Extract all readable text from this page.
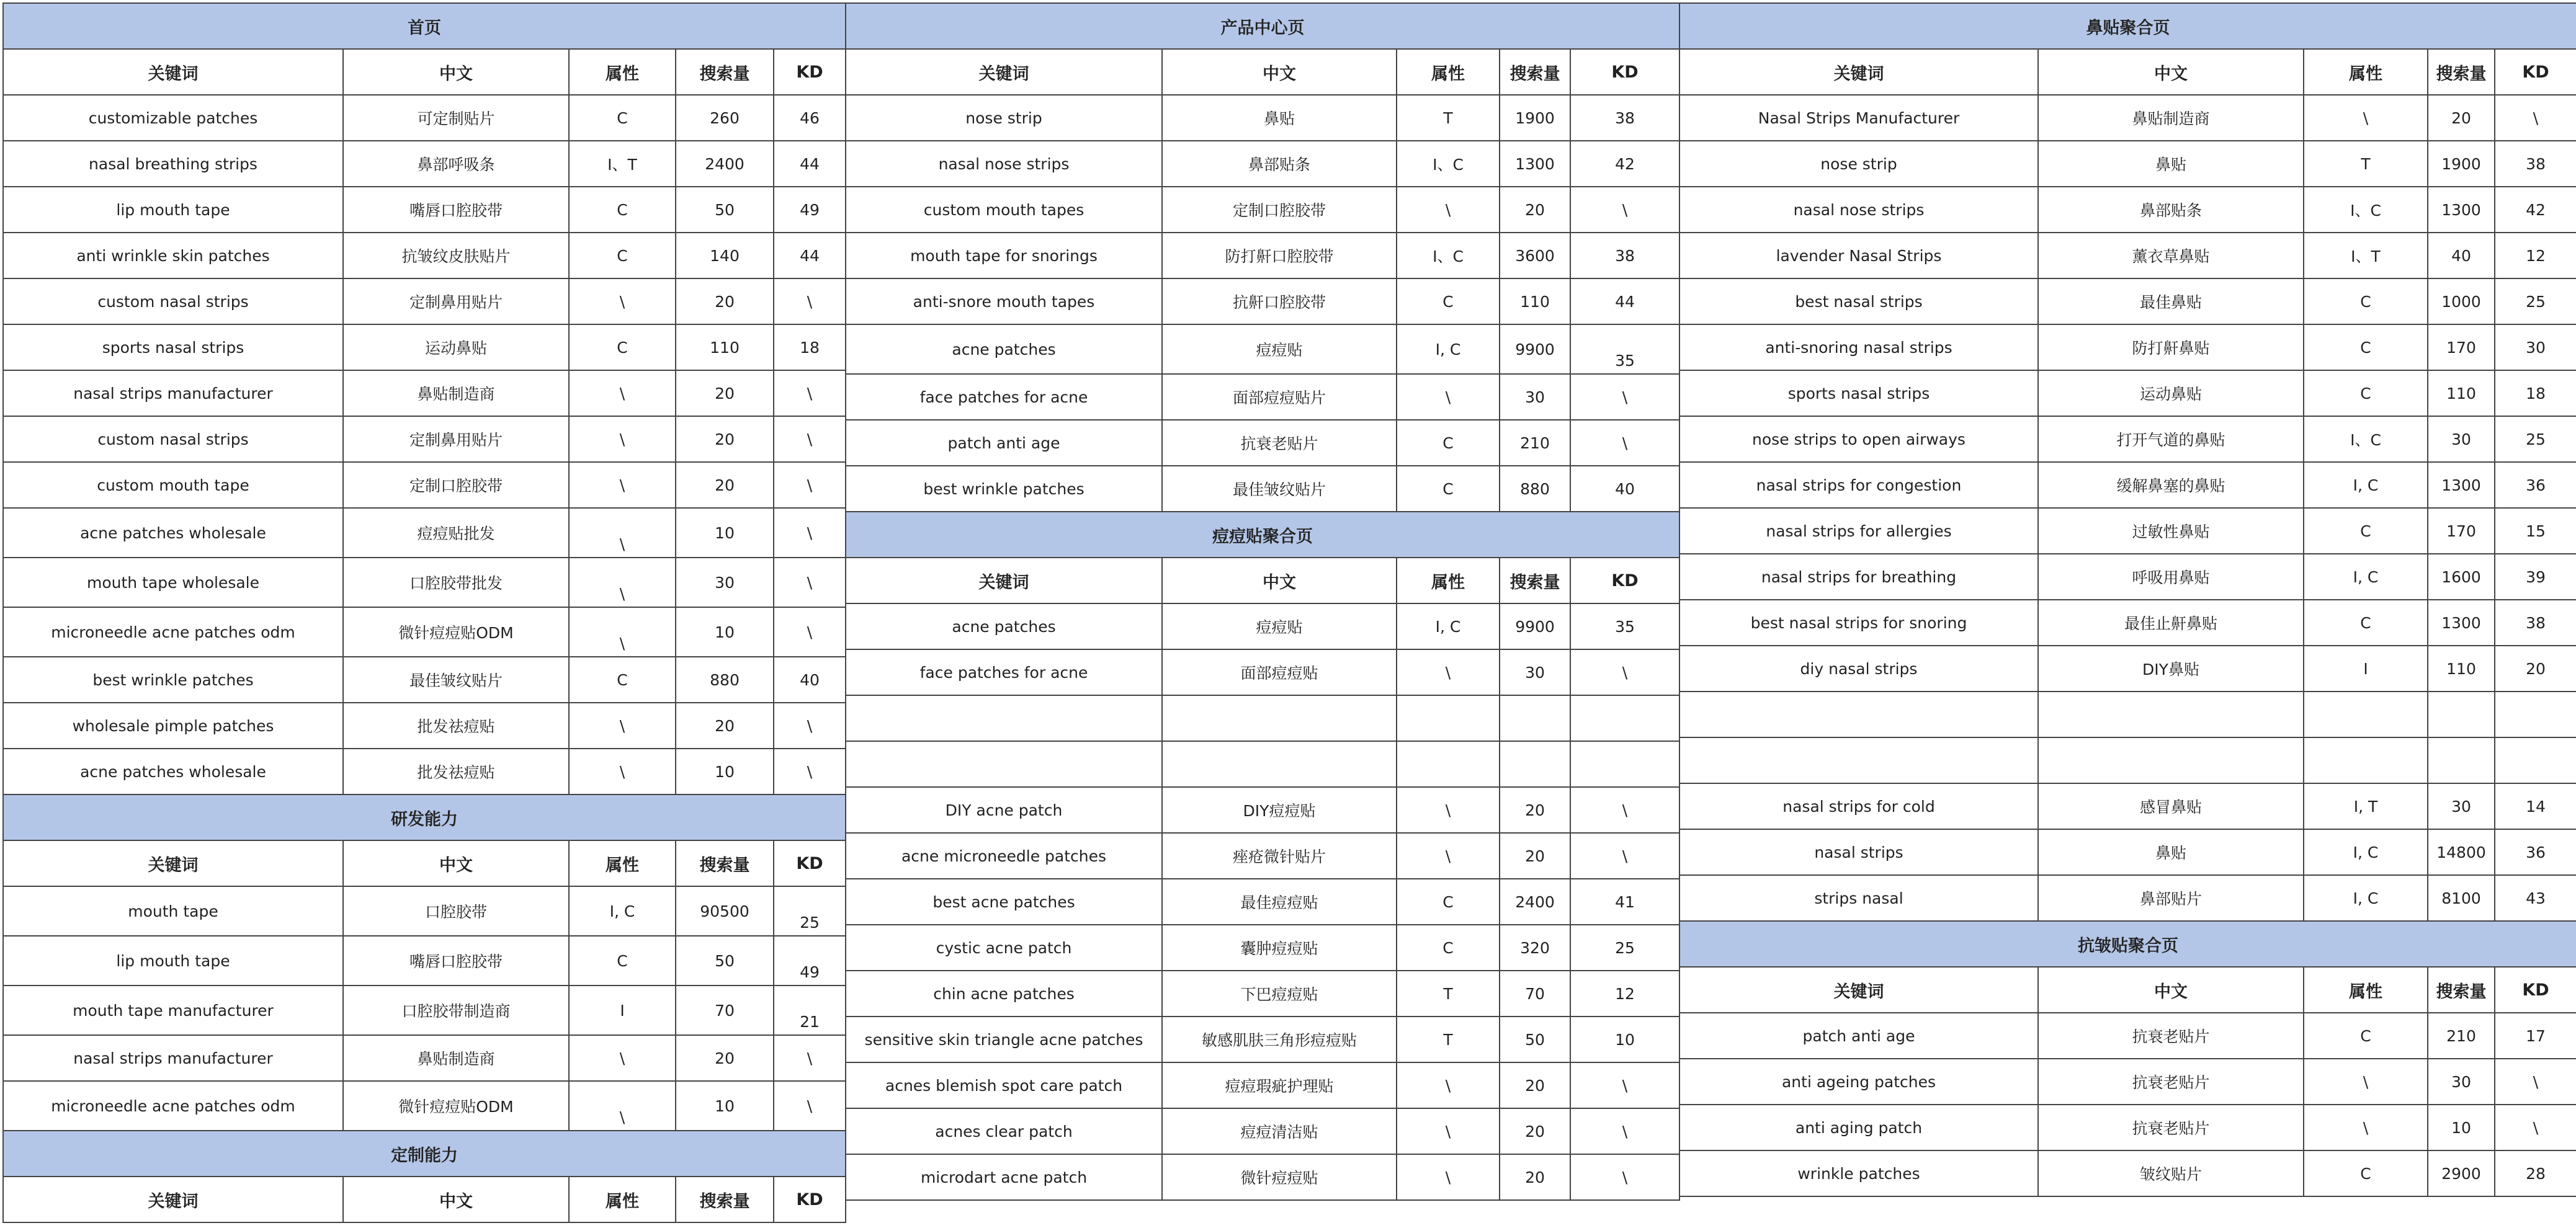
首页				
关键词	中文	属性	搜索量	KD
customizable patches	可定制贴片	C	260	46
nasal breathing strips	鼻部呼吸条	I、T	2400	44
lip mouth tape	嘴唇口腔胶带	C	50	49
anti wrinkle skin patches	抗皱纹皮肤贴片	C	140	44
custom nasal strips	定制鼻用贴片	\	20	\
sports nasal strips	运动鼻贴	C	110	18
nasal strips manufacturer	鼻贴制造商	\	20	\
custom nasal strips	定制鼻用贴片	\	20	\
custom mouth tape	定制口腔胶带	\	20	\
acne patches wholesale	痘痘贴批发	\	10	\
mouth tape wholesale	口腔胶带批发	\	30	\
microneedle acne patches odm	微针痘痘贴ODM	\	10	\
best wrinkle patches	最佳皱纹贴片	C	880	40
wholesale pimple patches	批发祛痘贴	\	20	\
acne patches wholesale	批发祛痘贴	\	10	\
研发能力				
关键词	中文	属性	搜索量	KD
mouth tape	口腔胶带	I, C	90500	25
lip mouth tape	嘴唇口腔胶带	C	50	49
mouth tape manufacturer	口腔胶带制造商	I	70	21
nasal strips manufacturer	鼻贴制造商	\	20	\
microneedle acne patches odm	微针痘痘贴ODM	\	10	\
定制能力				
关键词	中文	属性	搜索量	KD
产品中心页				
关键词	中文	属性	搜索量	KD
nose strip	鼻贴	T	1900	38
nasal nose strips	鼻部贴条	I、C	1300	42
custom mouth tapes	定制口腔胶带	\	20	\
mouth tape for snorings	防打鼾口腔胶带	I、C	3600	38
anti-snore mouth tapes	抗鼾口腔胶带	C	110	44
acne patches	痘痘贴	I, C	9900	35
face patches for acne	面部痘痘贴片	\	30	\
patch anti age	抗衰老贴片	C	210	\
best wrinkle patches	最佳皱纹贴片	C	880	40
痘痘贴聚合页				
关键词	中文	属性	搜索量	KD
acne patches	痘痘贴	I, C	9900	35
face patches for acne	面部痘痘贴	\	30	\

DIY acne patch	DIY痘痘贴	\	20	\
acne microneedle patches	痤疮微针贴片	\	20	\
best acne patches	最佳痘痘贴	C	2400	41
cystic acne patch	囊肿痘痘贴	C	320	25
chin acne patches	下巴痘痘贴	T	70	12
sensitive skin triangle acne patches	敏感肌肤三角形痘痘贴	T	50	10
acnes blemish spot care patch	痘痘瑕疵护理贴	\	20	\
acnes clear patch	痘痘清洁贴	\	20	\
microdart acne patch	微针痘痘贴	\	20	\
鼻贴聚合页				
关键词	中文	属性	搜索量	KD
Nasal Strips Manufacturer	鼻贴制造商	\	20	\
nose strip	鼻贴	T	1900	38
nasal nose strips	鼻部贴条	I、C	1300	42
lavender Nasal Strips	薰衣草鼻贴	I、T	40	12
best nasal strips	最佳鼻贴	C	1000	25
anti-snoring nasal strips	防打鼾鼻贴	C	170	30
sports nasal strips	运动鼻贴	C	110	18
nose strips to open airways	打开气道的鼻贴	I、C	30	25
nasal strips for congestion	缓解鼻塞的鼻贴	I, C	1300	36
nasal strips for allergies	过敏性鼻贴	C	170	15
nasal strips for breathing	呼吸用鼻贴	I, C	1600	39
best nasal strips for snoring	最佳止鼾鼻贴	C	1300	38
diy nasal strips	DIY鼻贴	I	110	20

nasal strips for cold	感冒鼻贴	I, T	30	14
nasal strips	鼻贴	I, C	14800	36
strips nasal	鼻部贴片	I, C	8100	43
抗皱贴聚合页				
关键词	中文	属性	搜索量	KD
patch anti age	抗衰老贴片	C	210	17
anti ageing patches	抗衰老贴片	\	30	\
anti aging patch	抗衰老贴片	\	10	\
wrinkle patches	皱纹贴片	C	2900	28
